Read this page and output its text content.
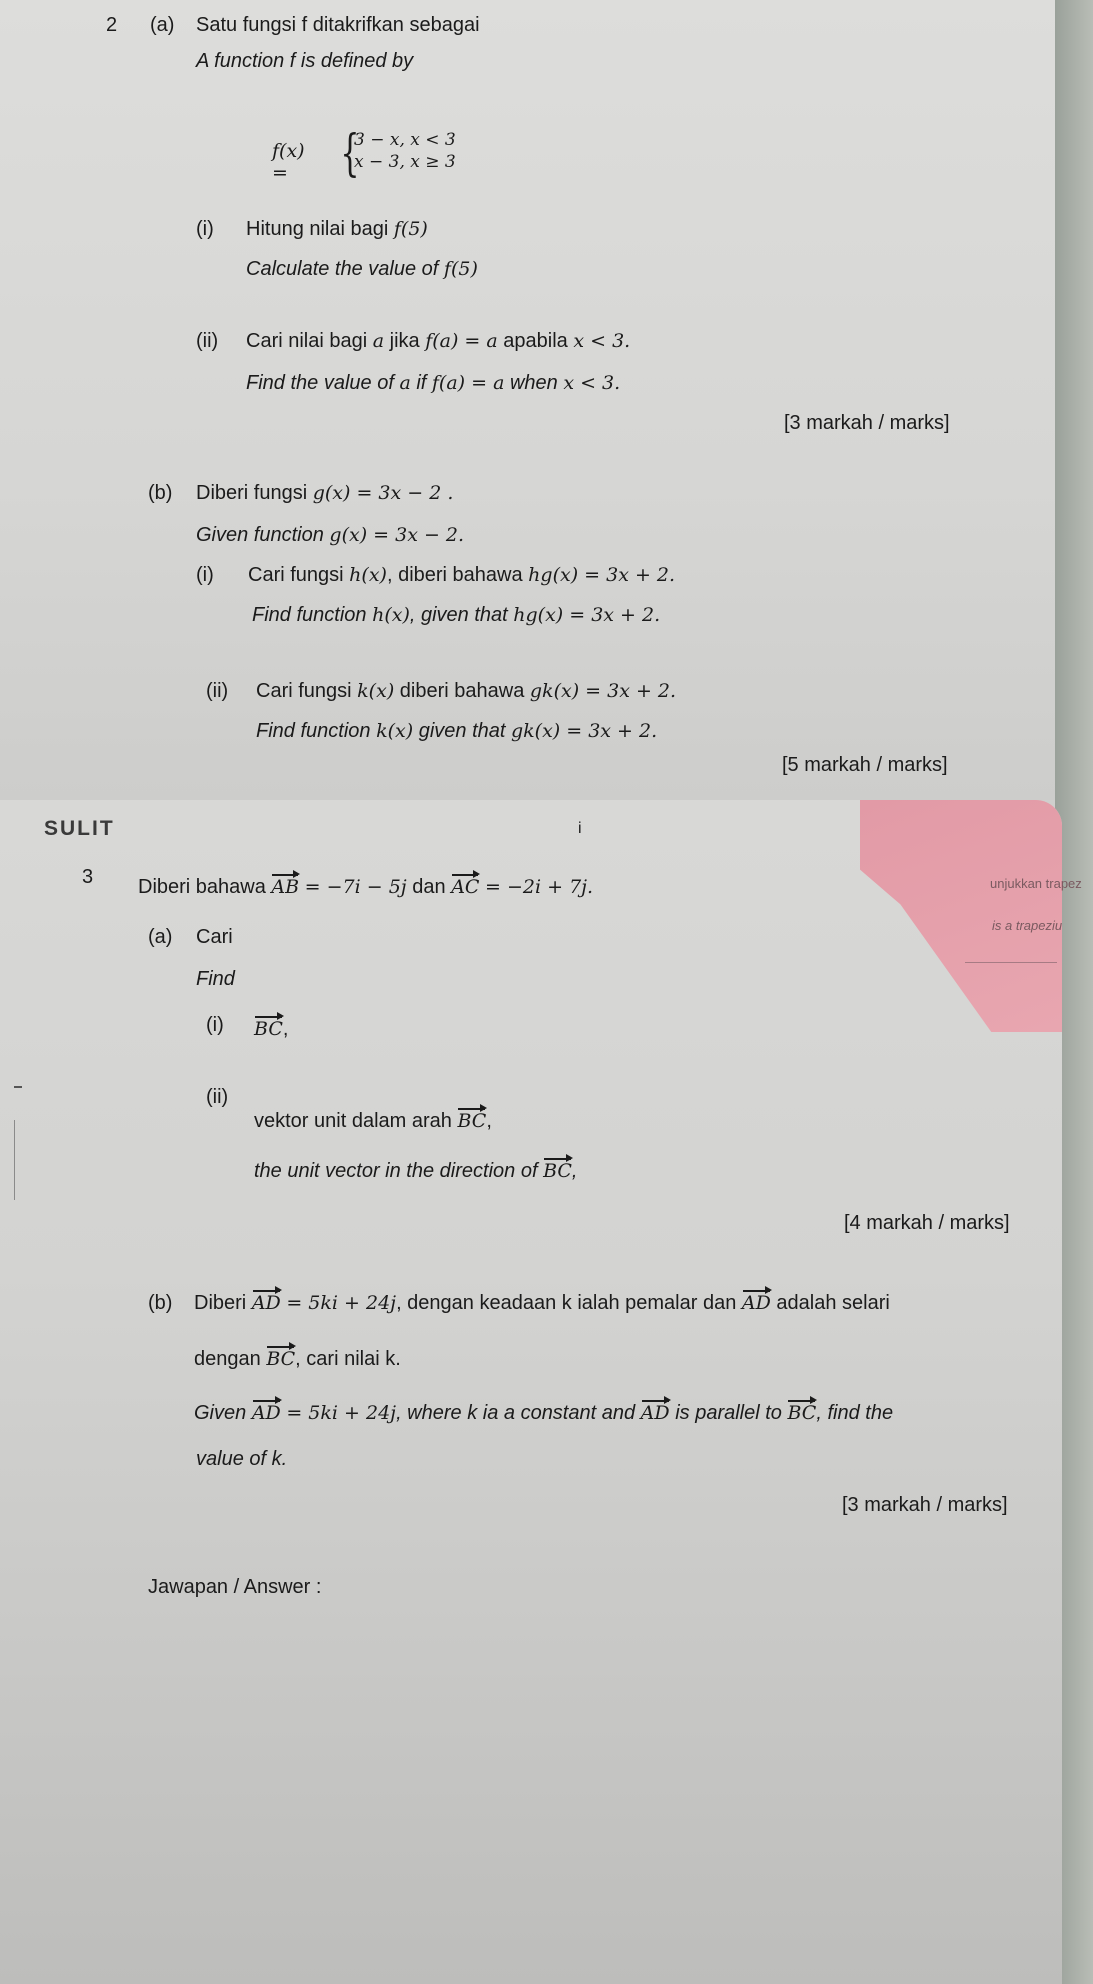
unjukkan trapez
is a trapeziu
2 (a) Satu fungsi f ditakrifkan sebagai
A function f is defined by
f(x) =	{
3 − x, x < 3
x − 3, x ≥ 3
(i) Hitung nilai bagi f(5)
Calculate the value of f(5)
(ii) Cari nilai bagi a jika f(a) = a apabila x < 3.
Find the value of a if f(a) = a when x < 3.
[3 markah / marks]
(b) Diberi fungsi g(x) = 3x − 2 .
Given function g(x) = 3x − 2.
(i) Cari fungsi h(x), diberi bahawa hg(x) = 3x + 2.
Find function h(x), given that hg(x) = 3x + 2.
(ii) Cari fungsi k(x) diberi bahawa gk(x) = 3x + 2.
Find function k(x) given that gk(x) = 3x + 2.
[5 markah / marks]
SULIT	i
3 Diberi bahawa AB = −7i − 5j dan AC = −2i + 7j.
(a) Cari
Find
(i) BC,
(ii)
vektor unit dalam arah BC,
the unit vector in the direction of BC,
[4 markah / marks]
(b) Diberi AD = 5ki + 24j, dengan keadaan k ialah pemalar dan AD adalah selari
dengan BC, cari nilai k.
Given AD = 5ki + 24j, where k ia a constant and AD is parallel to BC, find the
value of k.
[3 markah / marks]
Jawapan / Answer :
